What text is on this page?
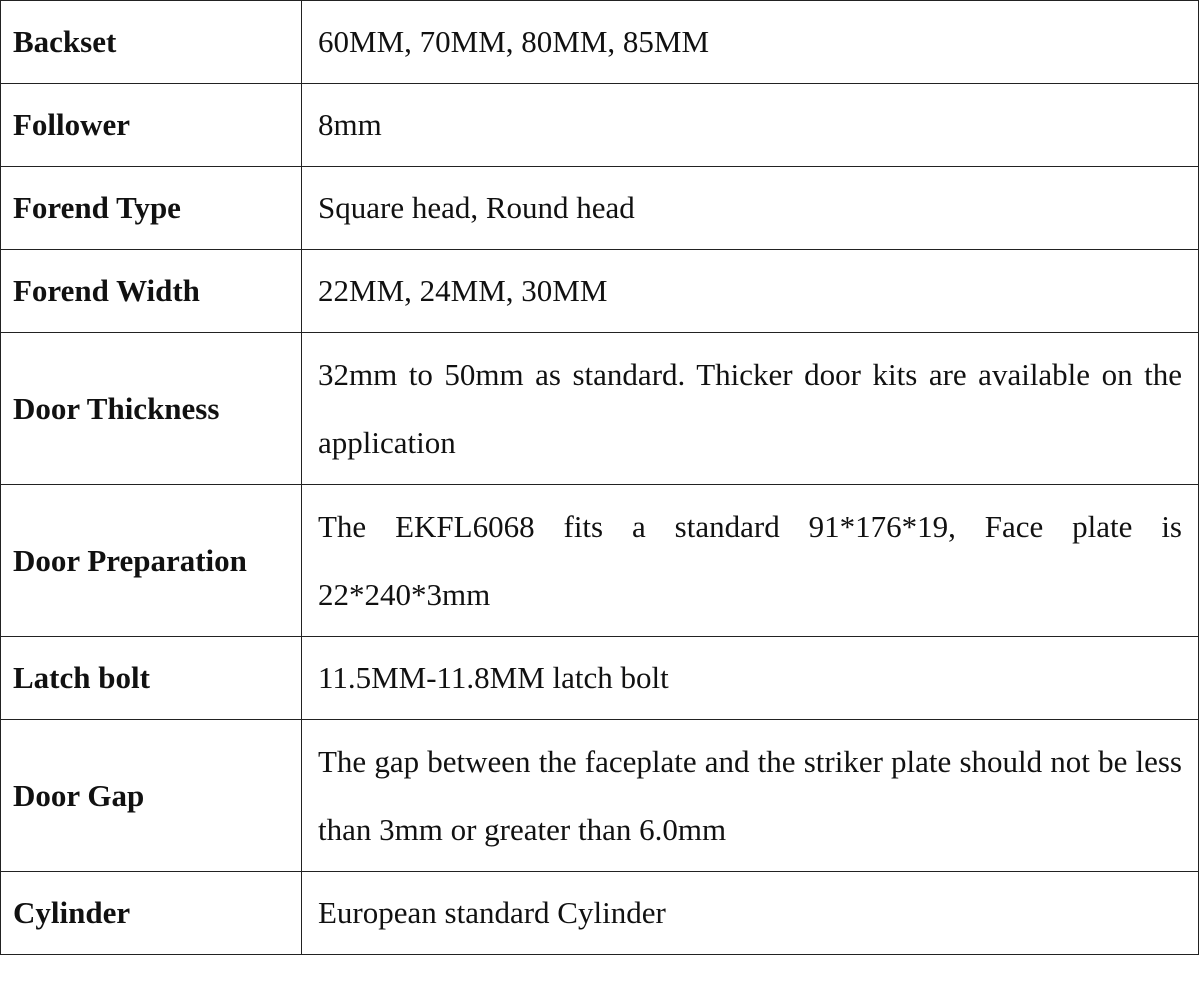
Backset	60MM, 70MM, 80MM, 85MM
Follower	8mm
Forend Type	Square head, Round head
Forend Width	22MM, 24MM, 30MM
Door Thickness	32mm to 50mm as standard. Thicker door kits are available on the application
Door Preparation	The EKFL6068 fits a standard 91*176*19, Face plate is 22*240*3mm
Latch bolt	11.5MM-11.8MM latch bolt
Door Gap	The gap between the faceplate and the striker plate should not be less than 3mm or greater than 6.0mm
Cylinder	European standard Cylinder
